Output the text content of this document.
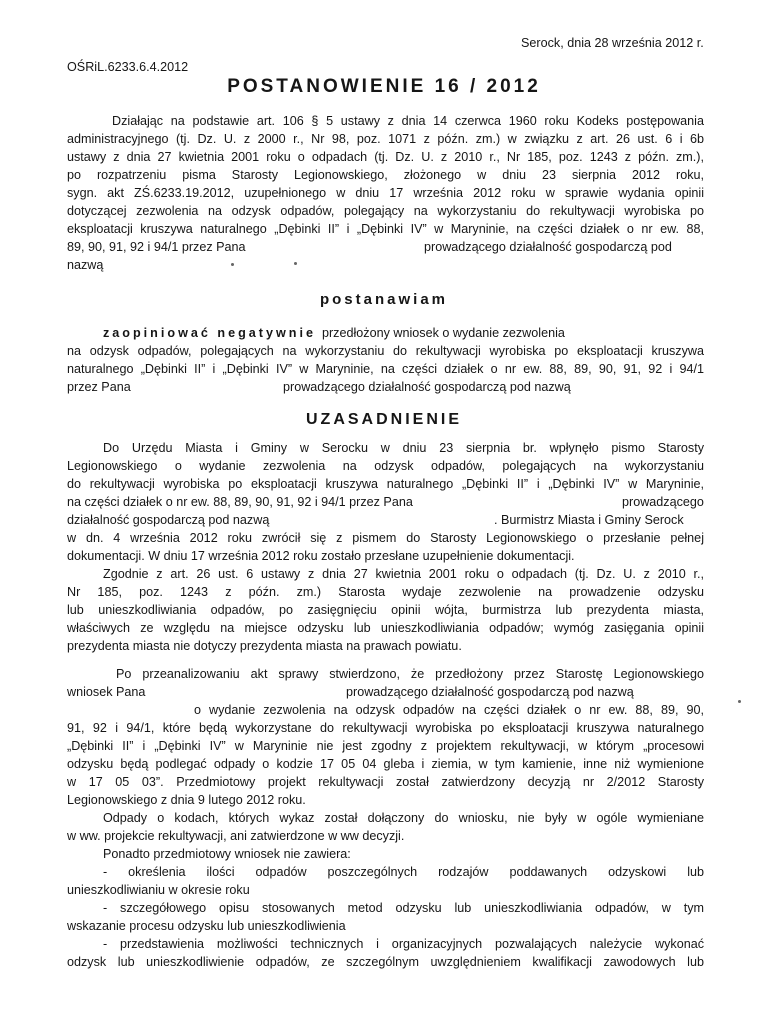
Serock, dnia 28 września 2012 r.
OŚRiL.6233.6.4.2012
POSTANOWIENIE 16 / 2012
Działając na podstawie art. 106 § 5 ustawy z dnia 14 czerwca 1960 roku Kodeks postępowania
administracyjnego (tj. Dz. U. z 2000 r., Nr 98, poz. 1071 z późn. zm.) w związku z art. 26 ust. 6 i 6b
ustawy z dnia 27 kwietnia 2001 roku o odpadach (tj. Dz. U. z 2010 r., Nr 185, poz. 1243 z późn. zm.),
po rozpatrzeniu pisma Starosty Legionowskiego, złożonego w dniu 23 sierpnia 2012 roku,
sygn. akt ZŚ.6233.19.2012, uzupełnionego w dniu 17 września 2012 roku w sprawie wydania opinii
dotyczącej zezwolenia na odzysk odpadów, polegający na wykorzystaniu do rekultywacji wyrobiska po
eksploatacji kruszywa naturalnego „Dębinki II” i „Dębinki IV” w Maryninie, na części działek o nr ew. 88,
89, 90, 91, 92 i 94/1 przez Pana	prowadzącego działalność gospodarczą pod
nazwą
postanawiam
zaopiniować negatywnie przedłożony wniosek o wydanie zezwolenia
na odzysk odpadów, polegających na wykorzystaniu do rekultywacji wyrobiska po eksploatacji kruszywa
naturalnego „Dębinki II” i „Dębinki IV” w Maryninie, na części działek o nr ew. 88, 89, 90, 91, 92 i 94/1
przez Pana	prowadzącego działalność gospodarczą pod nazwą
UZASADNIENIE
Do Urzędu Miasta i Gminy w Serocku w dniu 23 sierpnia br. wpłynęło pismo Starosty
Legionowskiego o wydanie zezwolenia na odzysk odpadów, polegających na wykorzystaniu
do rekultywacji wyrobiska po eksploatacji kruszywa naturalnego „Dębinki II” i „Dębinki IV” w Maryninie,
na części działek o nr ew. 88, 89, 90, 91, 92 i 94/1 przez Pana	prowadzącego
działalność gospodarczą pod nazwą	. Burmistrz Miasta i Gminy Serock
w dn. 4 września 2012 roku zwrócił się z pismem do Starosty Legionowskiego o przesłanie pełnej
dokumentacji. W dniu 17 września 2012 roku zostało przesłane uzupełnienie dokumentacji.
Zgodnie z art. 26 ust. 6 ustawy z dnia 27 kwietnia 2001 roku o odpadach (tj. Dz. U. z 2010 r.,
Nr 185, poz. 1243 z późn. zm.) Starosta wydaje zezwolenie na prowadzenie odzysku
lub unieszkodliwiania odpadów, po zasięgnięciu opinii wójta, burmistrza lub prezydenta miasta,
właściwych ze względu na miejsce odzysku lub unieszkodliwiania odpadów; wymóg zasięgania opinii
prezydenta miasta nie dotyczy prezydenta miasta na prawach powiatu.
Po przeanalizowaniu akt sprawy stwierdzono, że przedłożony przez Starostę Legionowskiego
wniosek Pana	prowadzącego działalność gospodarczą pod nazwą
o wydanie zezwolenia na odzysk odpadów na części działek o nr ew. 88, 89, 90,
91, 92 i 94/1, które będą wykorzystane do rekultywacji wyrobiska po eksploatacji kruszywa naturalnego
„Dębinki II” i „Dębinki IV” w Maryninie nie jest zgodny z projektem rekultywacji, w którym „procesowi
odzysku będą podlegać odpady o kodzie 17 05 04 gleba i ziemia, w tym kamienie, inne niż wymienione
w 17 05 03”. Przedmiotowy projekt rekultywacji został zatwierdzony decyzją nr 2/2012 Starosty
Legionowskiego z dnia 9 lutego 2012 roku.
Odpady o kodach, których wykaz został dołączony do wniosku, nie były w ogóle wymieniane
w ww. projekcie rekultywacji, ani zatwierdzone w ww decyzji.
Ponadto przedmiotowy wniosek nie zawiera:
- określenia ilości odpadów poszczególnych rodzajów poddawanych odzyskowi lub
unieszkodliwianiu w okresie roku
- szczegółowego opisu stosowanych metod odzysku lub unieszkodliwiania odpadów, w tym
wskazanie procesu odzysku lub unieszkodliwienia
- przedstawienia możliwości technicznych i organizacyjnych pozwalających należycie wykonać
odzysk lub unieszkodliwienie odpadów, ze szczególnym uwzględnieniem kwalifikacji zawodowych lub
